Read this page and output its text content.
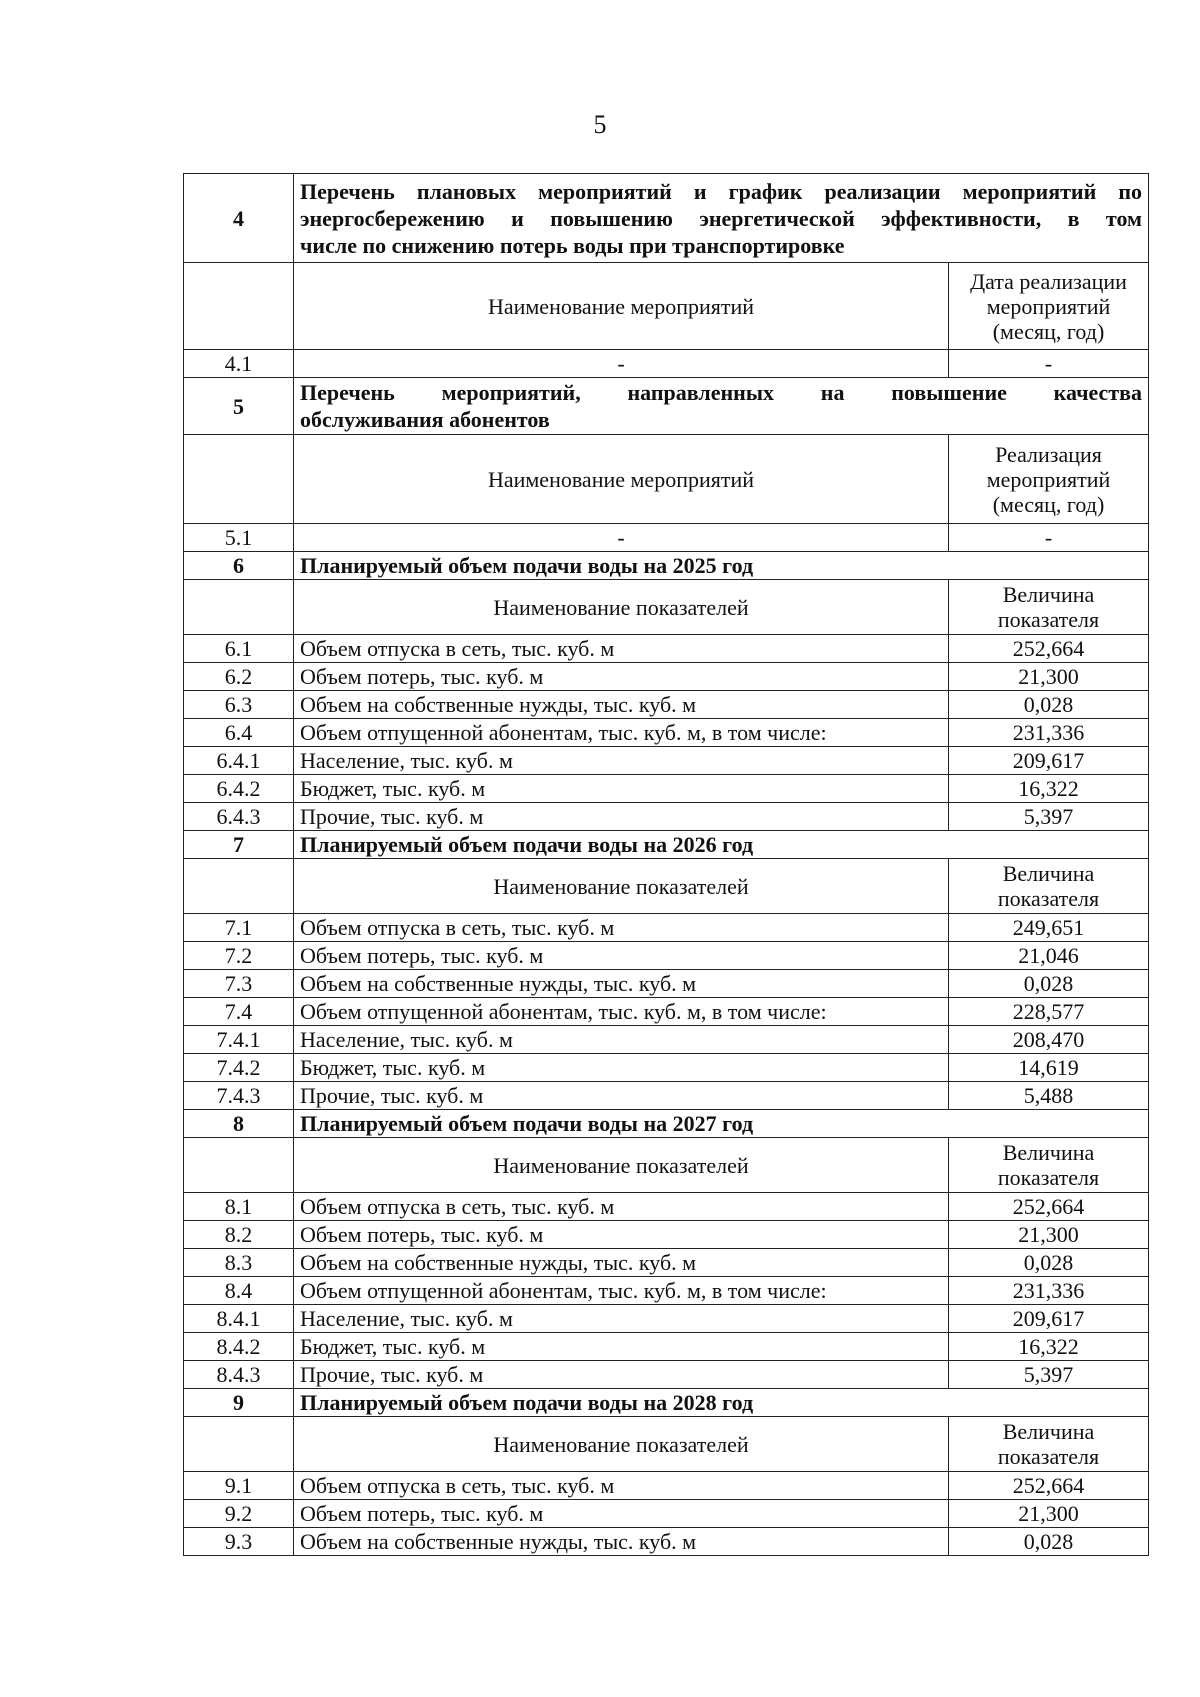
5
4	Перечень плановых мероприятий и график реализации мероприятий по
энергосбережению и повышению энергетической эффективности, в том
числе по снижению потерь воды при транспортировке	

	Наименование мероприятий	Дата реализации
мероприятий
(месяц, год)

4.1	-	-
5	Перечень мероприятий, направленных на повышение качества
обслуживания абонентов	

	Наименование мероприятий	Реализация
мероприятий
(месяц, год)

5.1	-	-
6	Планируемый объем подачи воды на 2025 год	
	Наименование показателей	Величина
показателя

6.1	Объем отпуска в сеть, тыс. куб. м	252,664
6.2	Объем потерь, тыс. куб. м	21,300
6.3	Объем на собственные нужды, тыс. куб. м	0,028
6.4	Объем отпущенной абонентам, тыс. куб. м, в том числе:	231,336
6.4.1	Население, тыс. куб. м	209,617
6.4.2	Бюджет, тыс. куб. м	16,322
6.4.3	Прочие, тыс. куб. м	5,397
7	Планируемый объем подачи воды на 2026 год	
	Наименование показателей	Величина
показателя

7.1	Объем отпуска в сеть, тыс. куб. м	249,651
7.2	Объем потерь, тыс. куб. м	21,046
7.3	Объем на собственные нужды, тыс. куб. м	0,028
7.4	Объем отпущенной абонентам, тыс. куб. м, в том числе:	228,577
7.4.1	Население, тыс. куб. м	208,470
7.4.2	Бюджет, тыс. куб. м	14,619
7.4.3	Прочие, тыс. куб. м	5,488
8	Планируемый объем подачи воды на 2027 год	
	Наименование показателей	Величина
показателя

8.1	Объем отпуска в сеть, тыс. куб. м	252,664
8.2	Объем потерь, тыс. куб. м	21,300
8.3	Объем на собственные нужды, тыс. куб. м	0,028
8.4	Объем отпущенной абонентам, тыс. куб. м, в том числе:	231,336
8.4.1	Население, тыс. куб. м	209,617
8.4.2	Бюджет, тыс. куб. м	16,322
8.4.3	Прочие, тыс. куб. м	5,397
9	Планируемый объем подачи воды на 2028 год	
	Наименование показателей	Величина
показателя

9.1	Объем отпуска в сеть, тыс. куб. м	252,664
9.2	Объем потерь, тыс. куб. м	21,300
9.3	Объем на собственные нужды, тыс. куб. м	0,028
